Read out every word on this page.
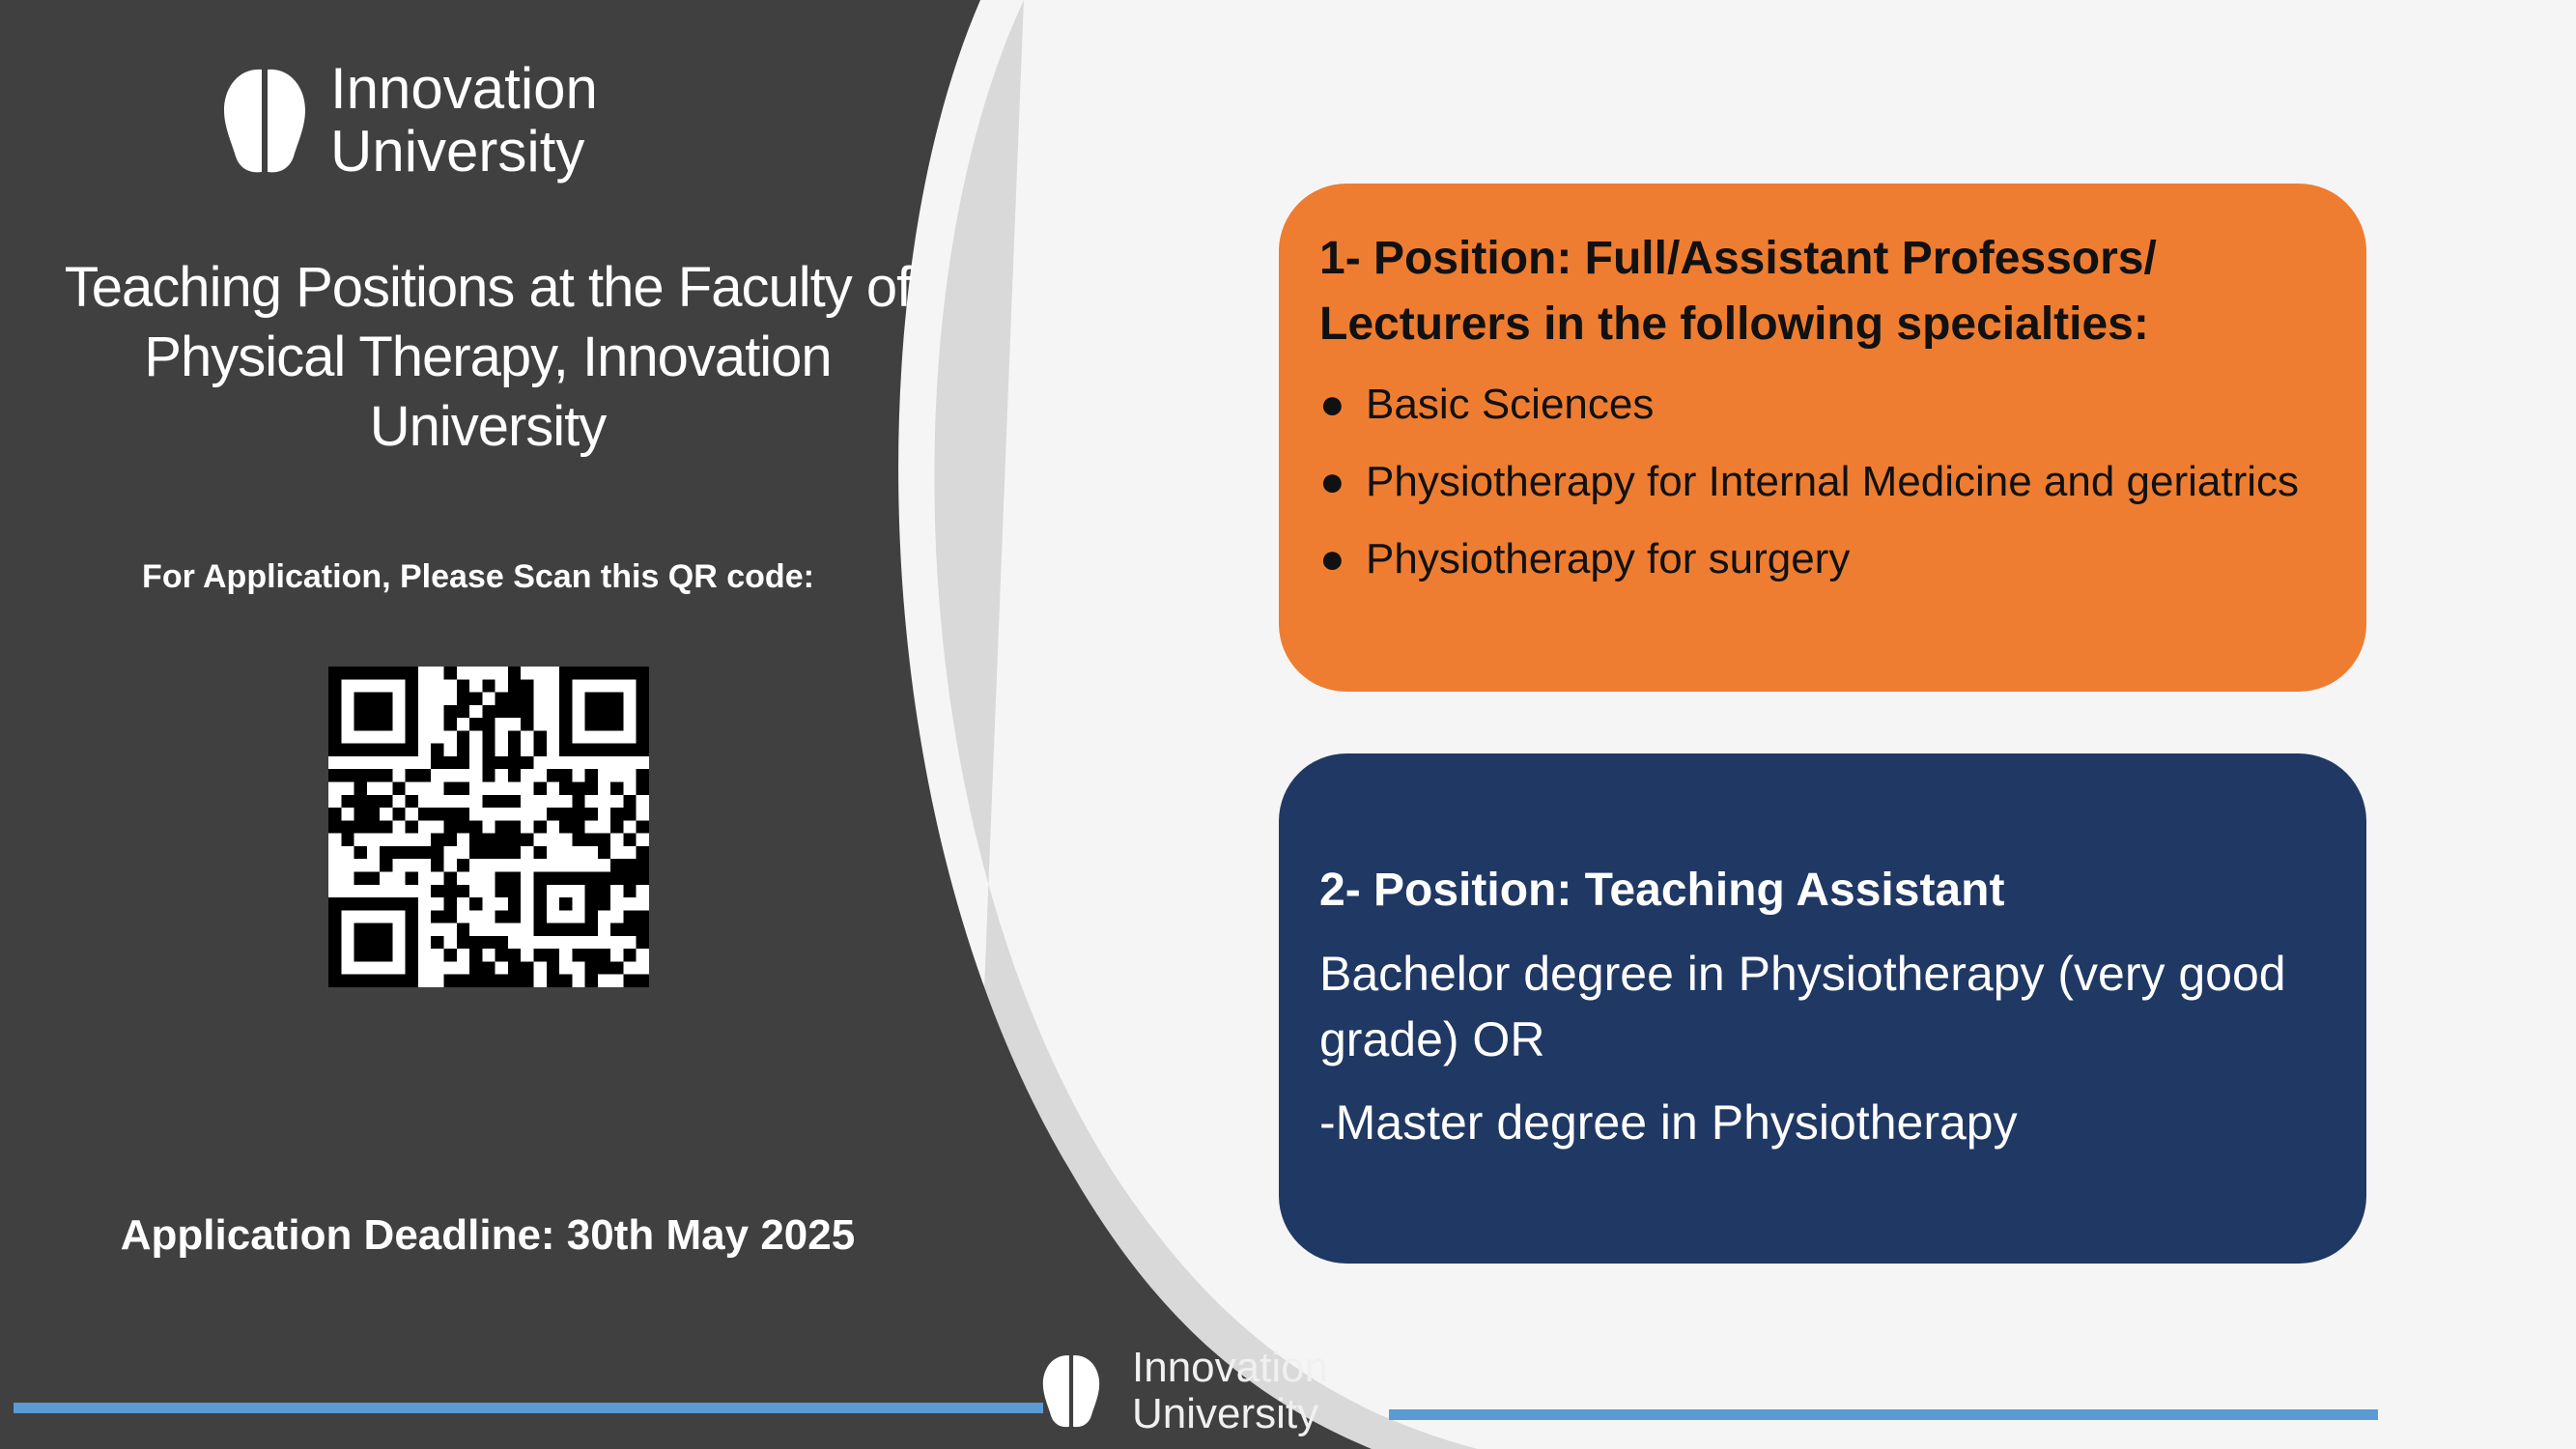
Innovation
University
Teaching Positions at the Faculty of Physical Therapy, Innovation University
For Application, Please Scan this QR code:
Application Deadline: 30th May 2025
1- Position: Full/Assistant Professors/ Lecturers in the following specialties:
● Basic Sciences
● Physiotherapy for Internal Medicine and geriatrics
● Physiotherapy for surgery
2- Position: Teaching Assistant
Bachelor degree in Physiotherapy (very good grade) OR
-Master degree in Physiotherapy
Innovation
University
